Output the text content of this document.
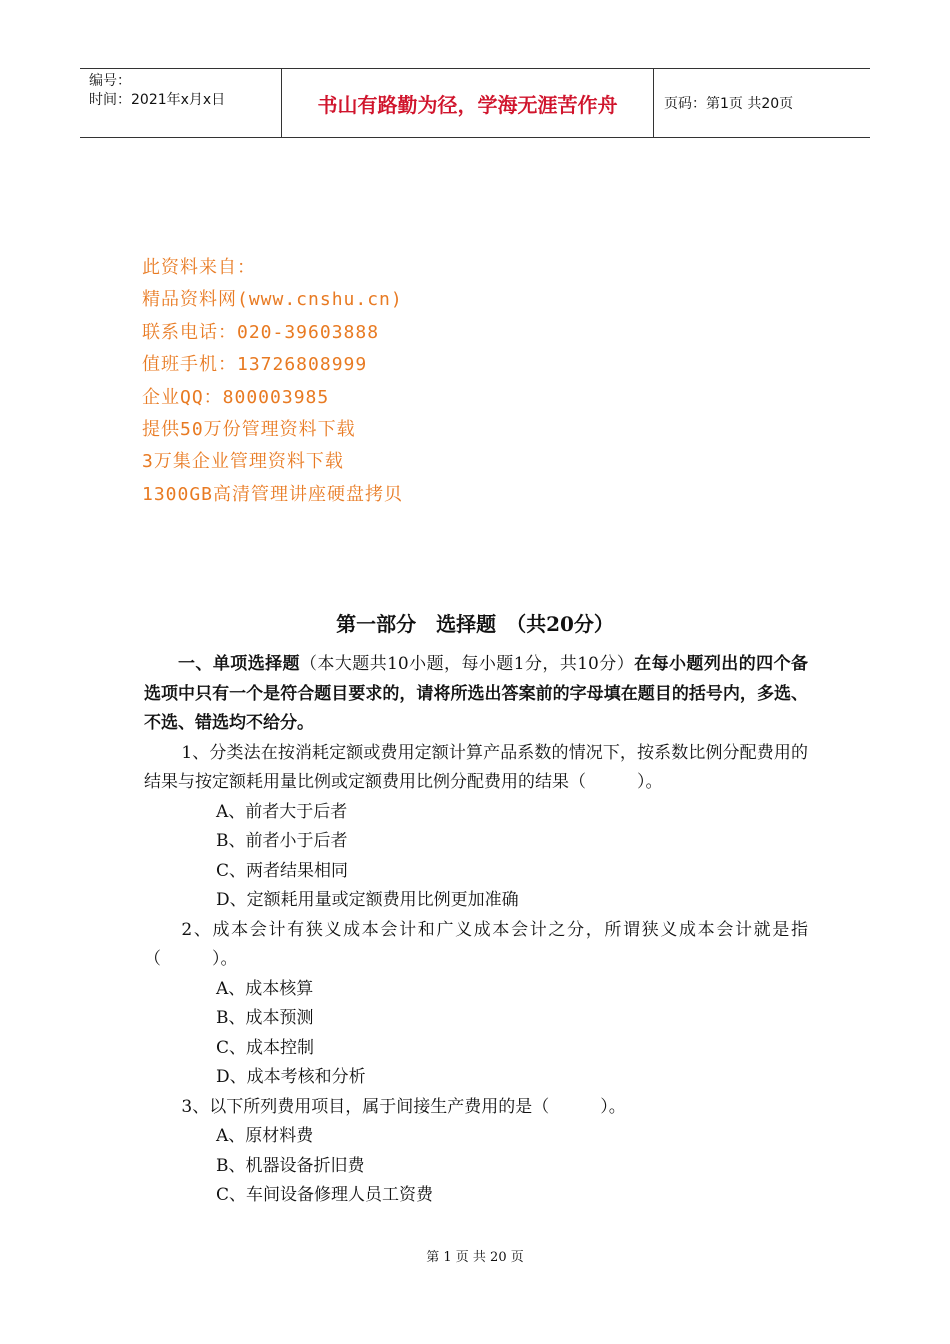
编号：
时间：2021年x月x日	书山有路勤为径，学海无涯苦作舟	页码：第1页 共20页
此资料来自：
精品资料网(www.cnshu.cn)
联系电话：020-39603888
值班手机：13726808999
企业QQ：800003985
提供50万份管理资料下载
3万集企业管理资料下载
1300GB高清管理讲座硬盘拷贝
第一部分　选择题　（共20分）
一、单项选择题（本大题共10小题，每小题1分，共10分）在每小题列出的四个备选项中只有一个是符合题目要求的，请将所选出答案前的字母填在题目的括号内，多选、不选、错选均不给分。
1、分类法在按消耗定额或费用定额计算产品系数的情况下，按系数比例分配费用的结果与按定额耗用量比例或定额费用比例分配费用的结果（　　　）。
A、前者大于后者
B、前者小于后者
C、两者结果相同
D、定额耗用量或定额费用比例更加准确
2、成本会计有狭义成本会计和广义成本会计之分，所谓狭义成本会计就是指（　　　）。
A、成本核算
B、成本预测
C、成本控制
D、成本考核和分析
3、以下所列费用项目，属于间接生产费用的是（　　　）。
A、原材料费
B、机器设备折旧费
C、车间设备修理人员工资费
第 1 页 共 20 页
